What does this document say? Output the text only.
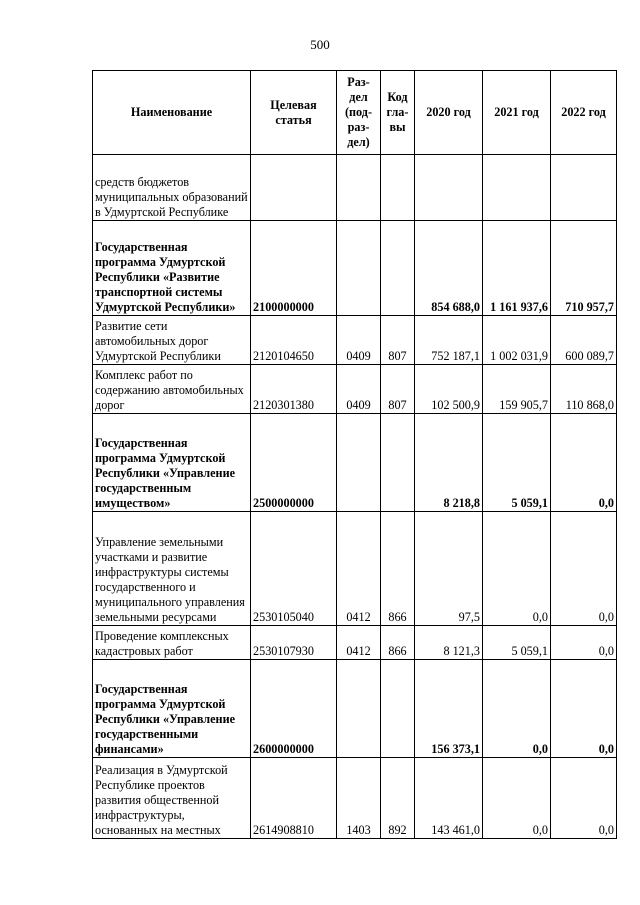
500
Наименование	Целевая статья	Раз-дел (под-раз-дел)	Код гла-вы	2020 год	2021 год	2022 год
средств бюджетов муниципальных образований в Удмуртской Республике						
Государственная программа Удмуртской Республики «Развитие транспортной системы Удмуртской Республики»	2100000000			854 688,0	1 161 937,6	710 957,7
Развитие сети автомобильных дорог Удмуртской Республики	2120104650	0409	807	752 187,1	1 002 031,9	600 089,7
Комплекс работ по содержанию автомобильных дорог	2120301380	0409	807	102 500,9	159 905,7	110 868,0
Государственная программа Удмуртской Республики «Управление государственным имуществом»	2500000000			8 218,8	5 059,1	0,0
Управление земельными участками и развитие инфраструктуры системы государственного и муниципального управления земельными ресурсами	2530105040	0412	866	97,5	0,0	0,0
Проведение комплексных кадастровых работ	2530107930	0412	866	8 121,3	5 059,1	0,0
Государственная программа Удмуртской Республики «Управление государственными финансами»	2600000000			156 373,1	0,0	0,0
Реализация в Удмуртской Республике проектов развития общественной инфраструктуры, основанных на местных	2614908810	1403	892	143 461,0	0,0	0,0
